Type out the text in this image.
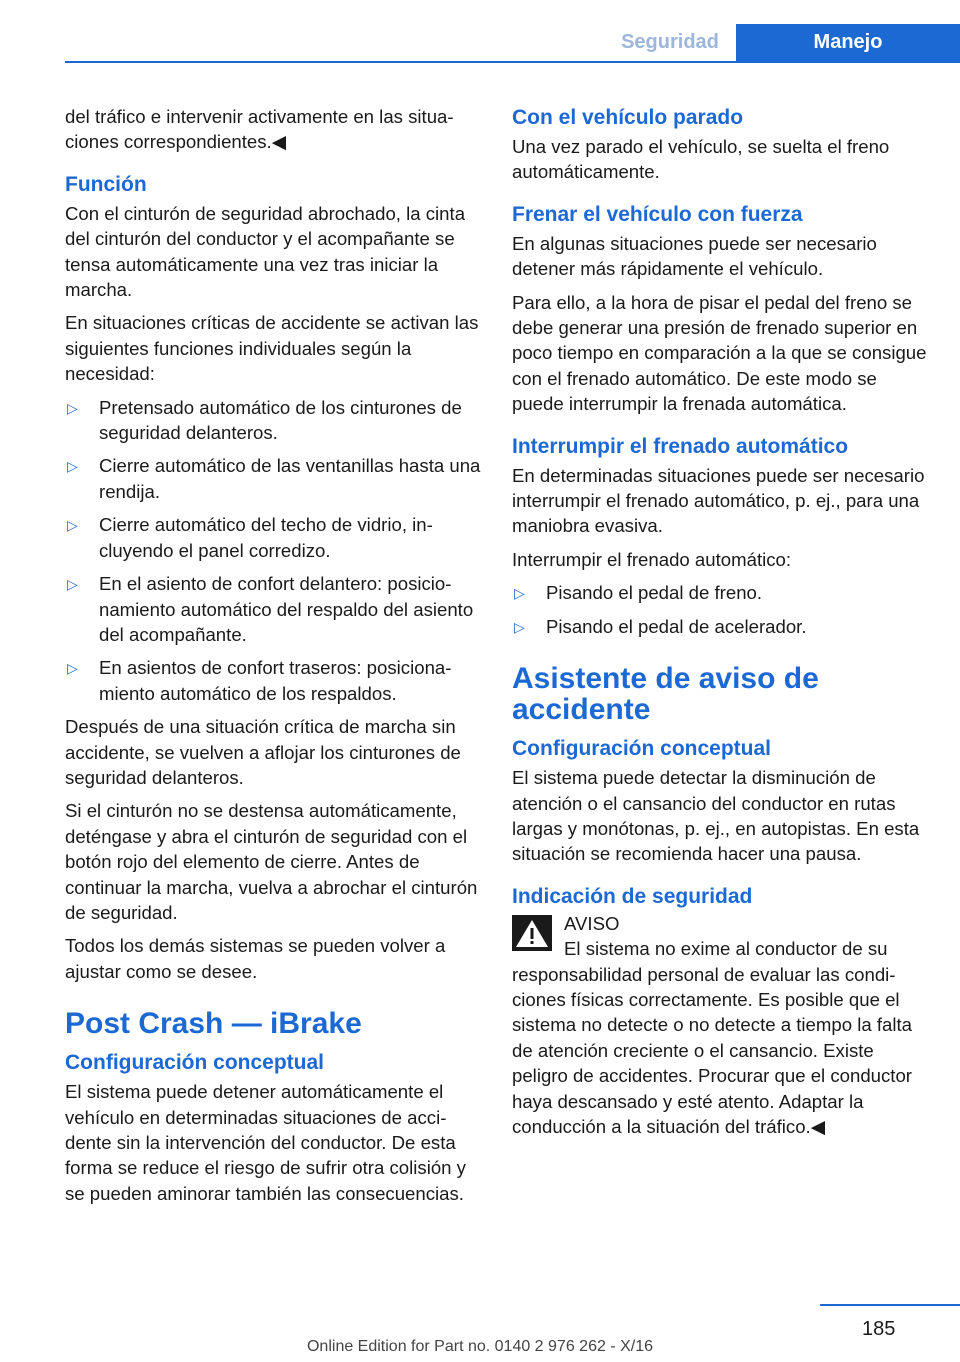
Seguridad	Manejo

del tráfico e intervenir activamente en las situaciones correspondientes.◀

Función

Con el cinturón de seguridad abrochado, la cinta del cinturón del conductor y el acompañante se tensa automáticamente una vez tras iniciar la marcha.

En situaciones críticas de accidente se activan las siguientes funciones individuales según la necesidad:

▷ Pretensado automático de los cinturones de seguridad delanteros.
▷ Cierre automático de las ventanillas hasta una rendija.
▷ Cierre automático del techo de vidrio, incluyendo el panel corredizo.
▷ En el asiento de confort delantero: posicionamiento automático del respaldo del asiento del acompañante.
▷ En asientos de confort traseros: posicionamiento automático de los respaldos.

Después de una situación crítica de marcha sin accidente, se vuelven a aflojar los cinturones de seguridad delanteros.

Si el cinturón no se destensa automáticamente, deténgase y abra el cinturón de seguridad con el botón rojo del elemento de cierre. Antes de continuar la marcha, vuelva a abrochar el cinturón de seguridad.

Todos los demás sistemas se pueden volver a ajustar como se desee.

Post Crash — iBrake
Configuración conceptual

El sistema puede detener automáticamente el vehículo en determinadas situaciones de accidente sin la intervención del conductor. De esta forma se reduce el riesgo de sufrir otra colisión y se pueden aminorar también las consecuencias.

Con el vehículo parado

Una vez parado el vehículo, se suelta el freno automáticamente.

Frenar el vehículo con fuerza

En algunas situaciones puede ser necesario detener más rápidamente el vehículo.

Para ello, a la hora de pisar el pedal del freno se debe generar una presión de frenado superior en poco tiempo en comparación a la que se consigue con el frenado automático. De este modo se puede interrumpir la frenada automática.

Interrumpir el frenado automático

En determinadas situaciones puede ser necesario interrumpir el frenado automático, p. ej., para una maniobra evasiva.

Interrumpir el frenado automático:

▷ Pisando el pedal de freno.
▷ Pisando el pedal de acelerador.
Asistente de aviso de accidente
Configuración conceptual

El sistema puede detectar la disminución de atención o el cansancio del conductor en rutas largas y monótonas, p. ej., en autopistas. En esta situación se recomienda hacer una pausa.

Indicación de seguridad
AVISO

El sistema no exime al conductor de su responsabilidad personal de evaluar las condiciones físicas correctamente. Es posible que el sistema no detecte o no detecte a tiempo la falta de atención creciente o el cansancio. Existe peligro de accidentes. Procurar que el conductor haya descansado y esté atento. Adaptar la conducción a la situación del tráfico.◀

185
Online Edition for Part no. 0140 2 976 262 - X/16
